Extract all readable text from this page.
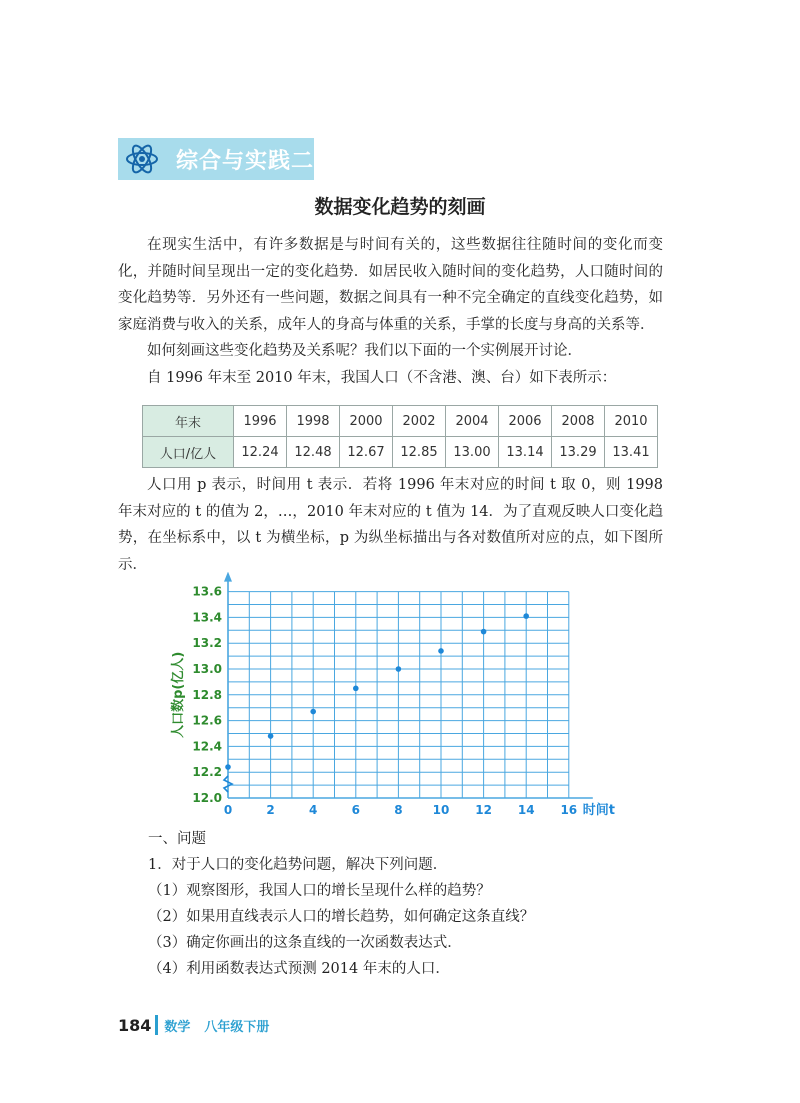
综合与实践二
数据变化趋势的刻画

在现实生活中，有许多数据是与时间有关的，这些数据往往随时间的变化而变化，并随时间呈现出一定的变化趋势．如居民收入随时间的变化趋势，人口随时间的变化趋势等．另外还有一些问题，数据之间具有一种不完全确定的直线变化趋势，如家庭消费与收入的关系，成年人的身高与体重的关系，手掌的长度与身高的关系等．

如何刻画这些变化趋势及关系呢？我们以下面的一个实例展开讨论．

自 1996 年末至 2010 年末，我国人口（不含港、澳、台）如下表所示：

年末	1996	1998	2000	2002	2004	2006	2008	2010
人口/亿人	12.24	12.48	12.67	12.85	13.00	13.14	13.29	13.41

人口用 p 表示，时间用 t 表示．若将 1996 年末对应的时间 t 取 0，则 1998 年末对应的 t 的值为 2，…，2010 年末对应的 t 值为 14．为了直观反映人口变化趋势，在坐标系中，以 t 为横坐标，p 为纵坐标描出与各对数值所对应的点，如下图所示．

0	2	4	6	8	10 12 14 16
12.0
12.2
12.4
12.6
12.8
13.0
13.2
13.4
13.6
时间t
人口数p(亿人)
一、问题
1．对于人口的变化趋势问题，解决下列问题．
（1）观察图形，我国人口的增长呈现什么样的趋势？
（2）如果用直线表示人口的增长趋势，如何确定这条直线？
（3）确定你画出的这条直线的一次函数表达式．
（4）利用函数表达式预测 2014 年末的人口．
184 数学 八年级下册
